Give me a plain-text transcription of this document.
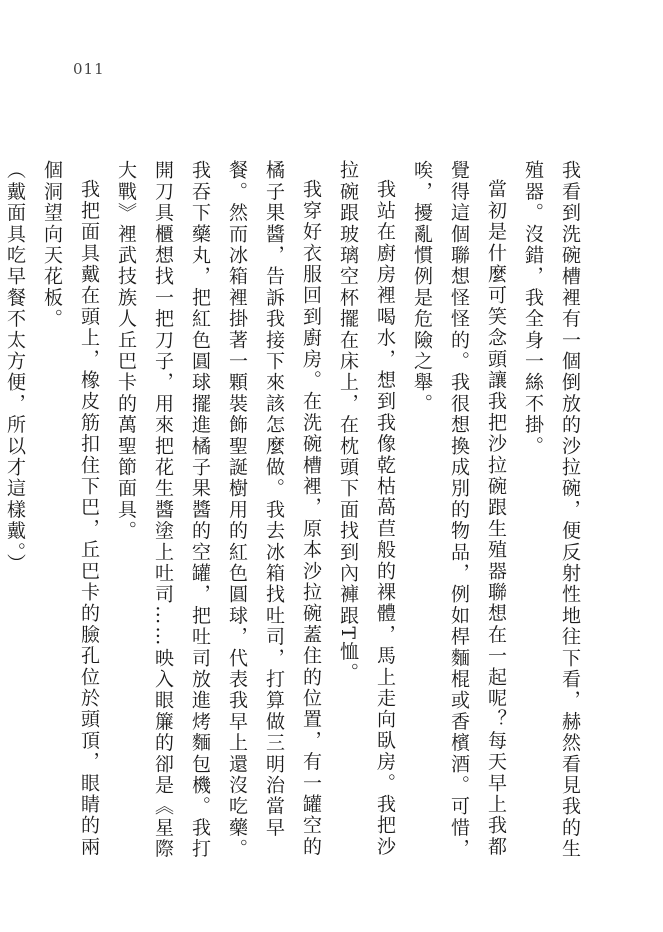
011

我看到洗碗槽裡有一個倒放的沙拉碗，便反射性地往下看，赫然看見我的生殖器。沒錯，我全身一絲不掛。

當初是什麼可笑念頭讓我把沙拉碗跟生殖器聯想在一起呢？每天早上我都覺得這個聯想怪怪的。我很想換成別的物品，例如桿麵棍或香檳酒。可惜，唉，擾亂慣例是危險之舉。

我站在廚房裡喝水，想到我像乾枯萵苣般的裸體，馬上走向臥房。我把沙拉碗跟玻璃空杯擺在床上，在枕頭下面找到內褲跟T恤。

我穿好衣服回到廚房。在洗碗槽裡，原本沙拉碗蓋住的位置，有一罐空的橘子果醬，告訴我接下來該怎麼做。我去冰箱找吐司，打算做三明治當早餐。然而冰箱裡掛著一顆裝飾聖誕樹用的紅色圓球，代表我早上還沒吃藥。我吞下藥丸，把紅色圓球擺進橘子果醬的空罐，把吐司放進烤麵包機。我打開刀具櫃想找一把刀子，用來把花生醬塗上吐司……映入眼簾的卻是《星際大戰》裡武技族人丘巴卡的萬聖節面具。

我把面具戴在頭上，橡皮筋扣住下巴，丘巴卡的臉孔位於頭頂，眼睛的兩個洞望向天花板。

（戴面具吃早餐不太方便，所以才這樣戴。）
